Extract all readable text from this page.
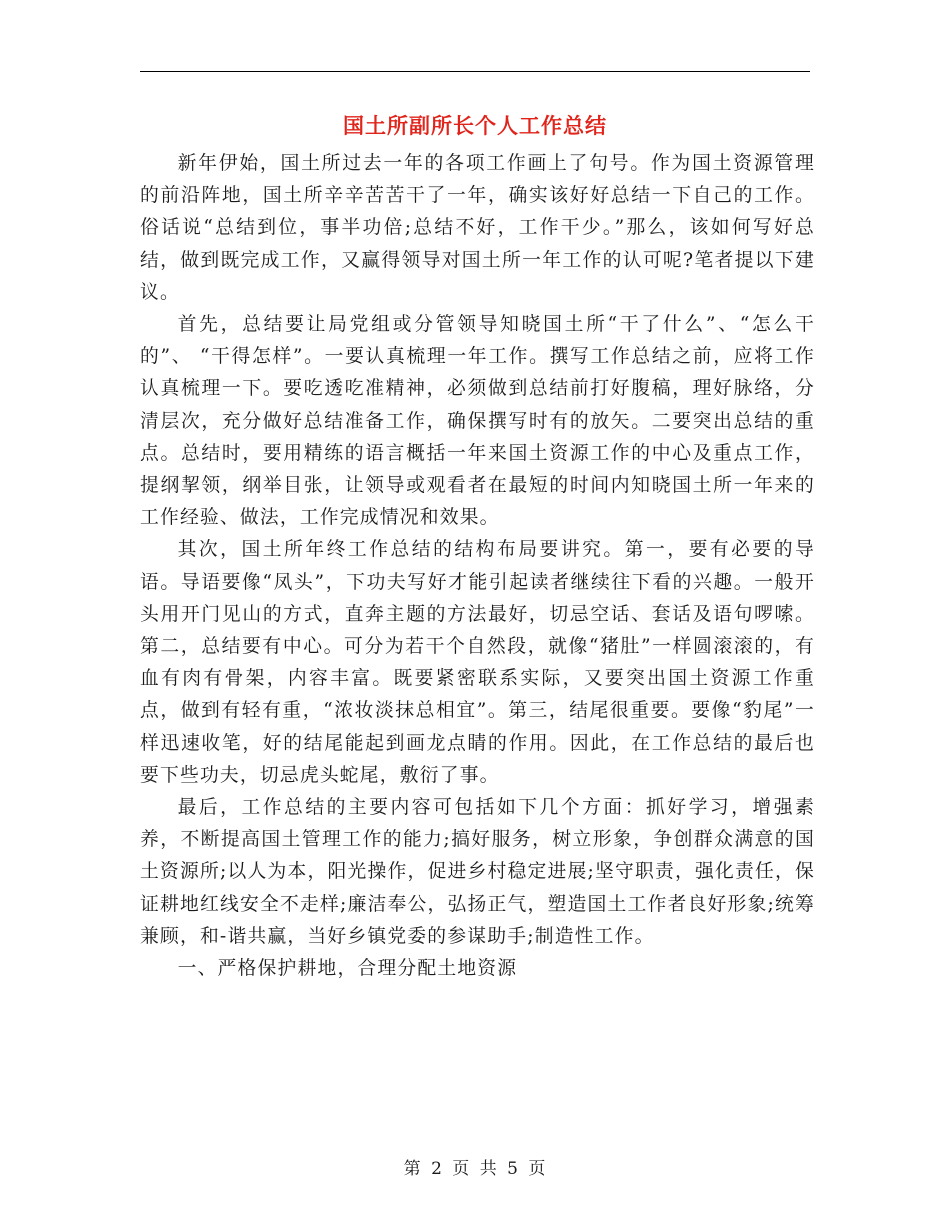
国土所副所长个人工作总结

新年伊始，国土所过去一年的各项工作画上了句号。作为国土资源管理的前沿阵地，国土所辛辛苦苦干了一年，确实该好好总结一下自己的工作。俗话说“总结到位，事半功倍;总结不好，工作干少。”那么，该如何写好总结，做到既完成工作，又赢得领导对国土所一年工作的认可呢?笔者提以下建议。

首先，总结要让局党组或分管领导知晓国土所“干了什么”、“怎么干的”、 “干得怎样”。一要认真梳理一年工作。撰写工作总结之前，应将工作认真梳理一下。要吃透吃准精神，必须做到总结前打好腹稿，理好脉络，分清层次，充分做好总结准备工作，确保撰写时有的放矢。二要突出总结的重点。总结时，要用精练的语言概括一年来国土资源工作的中心及重点工作，提纲挈领，纲举目张，让领导或观看者在最短的时间内知晓国土所一年来的工作经验、做法，工作完成情况和效果。

其次，国土所年终工作总结的结构布局要讲究。第一，要有必要的导语。导语要像“凤头”，下功夫写好才能引起读者继续往下看的兴趣。一般开头用开门见山的方式，直奔主题的方法最好，切忌空话、套话及语句啰嗦。第二，总结要有中心。可分为若干个自然段，就像“猪肚”一样圆滚滚的，有血有肉有骨架，内容丰富。既要紧密联系实际，又要突出国土资源工作重点，做到有轻有重，“浓妆淡抹总相宜”。第三，结尾很重要。要像“豹尾”一样迅速收笔，好的结尾能起到画龙点睛的作用。因此，在工作总结的最后也要下些功夫，切忌虎头蛇尾，敷衍了事。

最后，工作总结的主要内容可包括如下几个方面：抓好学习，增强素养，不断提高国土管理工作的能力;搞好服务，树立形象，争创群众满意的国土资源所;以人为本，阳光操作，促进乡村稳定进展;坚守职责，强化责任，保证耕地红线安全不走样;廉洁奉公，弘扬正气，塑造国土工作者良好形象;统筹兼顾，和-谐共赢，当好乡镇党委的参谋助手;制造性工作。

一、严格保护耕地，合理分配土地资源

第 2 页 共 5 页
